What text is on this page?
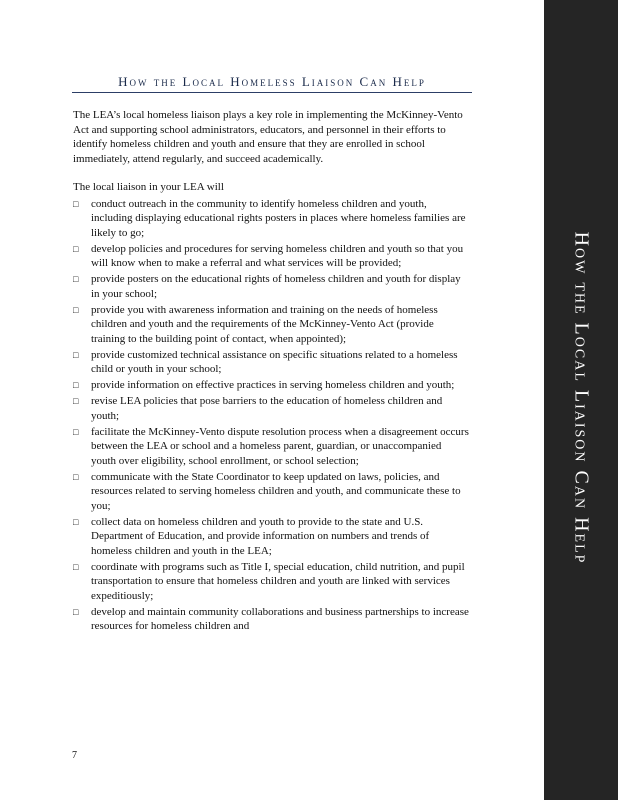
How the Local Homeless Liaison Can Help

The LEA’s local homeless liaison plays a key role in implementing the McKinney-Vento Act and supporting school administrators, educators, and personnel in their efforts to identify homeless children and youth and ensure that they are enrolled in school immediately, attend regularly, and succeed academically.

The local liaison in your LEA will

□ conduct outreach in the community to identify homeless children and youth, including displaying educational rights posters in places where homeless families are likely to go;
□ develop policies and procedures for serving homeless children and youth so that you will know when to make a referral and what services will be provided;
□ provide posters on the educational rights of homeless children and youth for display in your school;
□ provide you with awareness information and training on the needs of homeless children and youth and the requirements of the McKinney-Vento Act (provide training to the building point of contact, when appointed);
□ provide customized technical assistance on specific situations related to a homeless child or youth in your school;
□ provide information on effective practices in serving homeless children and youth;
□ revise LEA policies that pose barriers to the education of homeless children and youth;
□ facilitate the McKinney-Vento dispute resolution process when a disagreement occurs between the LEA or school and a homeless parent, guardian, or unaccompanied youth over eligibility, school enrollment, or school selection;
□ communicate with the State Coordinator to keep updated on laws, policies, and resources related to serving homeless children and youth, and communicate these to you;
□ collect data on homeless children and youth to provide to the state and U.S. Department of Education, and provide information on numbers and trends of homeless children and youth in the LEA;
□ coordinate with programs such as Title I, special education, child nutrition, and pupil transportation to ensure that homeless children and youth are linked with services expeditiously;
□ develop and maintain community collaborations and business partnerships to increase resources for homeless children and
7
How the Local Liaison Can Help
